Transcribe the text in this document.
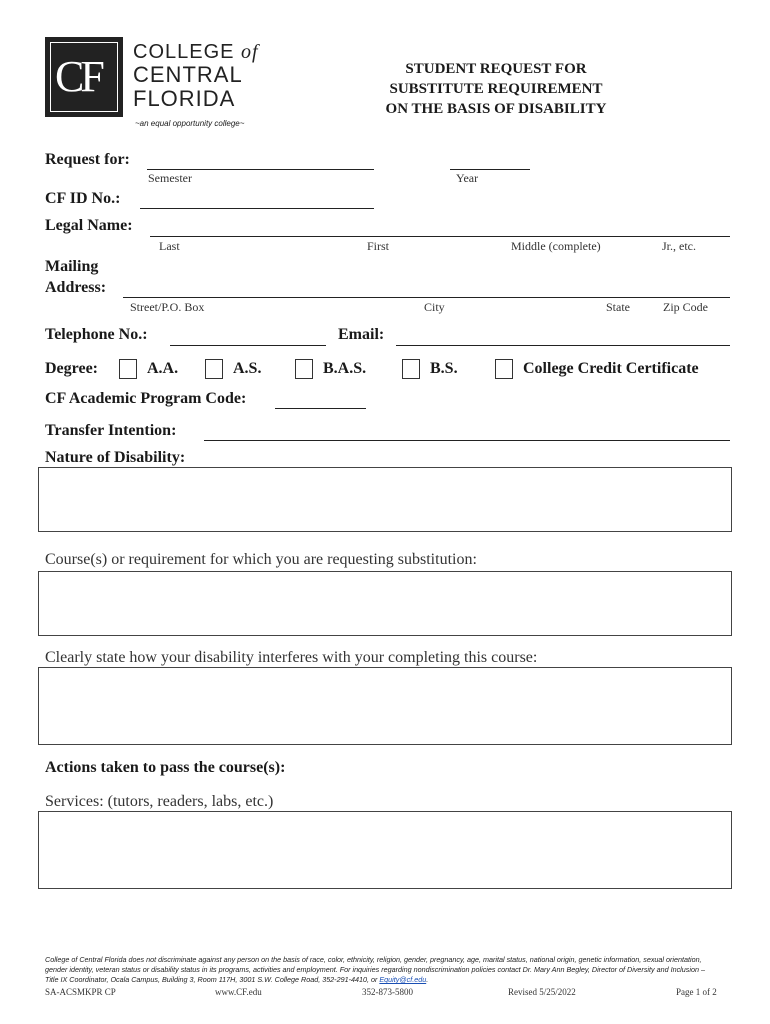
CF COLLEGE of
CENTRAL
FLORIDA
~an equal opportunity college~
STUDENT REQUEST FOR
SUBSTITUTE REQUIREMENT
ON THE BASIS OF DISABILITY
Request for:
Semester	Year
CF ID No.:
Legal Name:
Last	First	Middle (complete)	Jr., etc.
Mailing
Address:
Street/P.O. Box	City	State	Zip Code
Telephone No.:	Email:
Degree:	A.A.	A.S.	B.A.S.	B.S.	College Credit Certificate
CF Academic Program Code:
Transfer Intention:
Nature of Disability:
Course(s) or requirement for which you are requesting substitution:
Clearly state how your disability interferes with your completing this course:
Actions taken to pass the course(s):
Services: (tutors, readers, labs, etc.)
College of Central Florida does not discriminate against any person on the basis of race, color, ethnicity, religion, gender, pregnancy, age, marital status, national origin, genetic information, sexual orientation,
gender identity, veteran status or disability status in its programs, activities and employment. For inquiries regarding nondiscrimination policies contact Dr. Mary Ann Begley, Director of Diversity and Inclusion –
Title IX Coordinator, Ocala Campus, Building 3, Room 117H, 3001 S.W. College Road, 352-291-4410, or Equity@cf.edu.
SA-ACSMKPR CP	www.CF.edu	352-873-5800	Revised 5/25/2022	Page 1 of 2
